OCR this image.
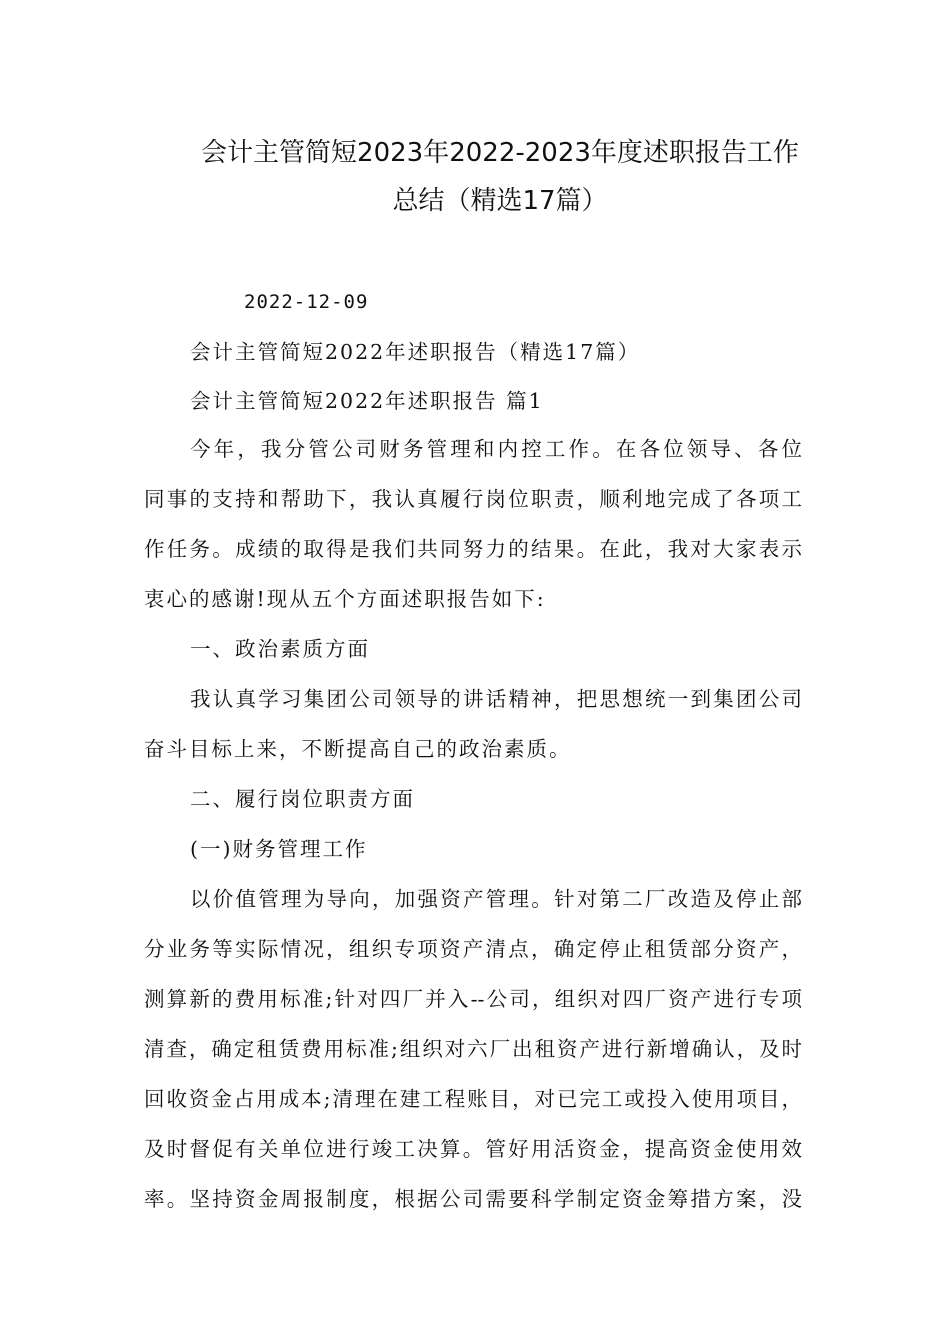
会计主管简短2023年2022-2023年度述职报告工作
总结（精选17篇）
2022-12-09
会计主管简短2022年述职报告（精选17篇）
会计主管简短2022年述职报告 篇1
今年，我分管公司财务管理和内控工作。在各位领导、各位
同事的支持和帮助下，我认真履行岗位职责，顺利地完成了各项工
作任务。成绩的取得是我们共同努力的结果。在此，我对大家表示
衷心的感谢!现从五个方面述职报告如下:
一、政治素质方面
我认真学习集团公司领导的讲话精神，把思想统一到集团公司
奋斗目标上来，不断提高自己的政治素质。
二、履行岗位职责方面
(一)财务管理工作
以价值管理为导向，加强资产管理。针对第二厂改造及停止部
分业务等实际情况，组织专项资产清点，确定停止租赁部分资产，
测算新的费用标准;针对四厂并入--公司，组织对四厂资产进行专项
清查，确定租赁费用标准;组织对六厂出租资产进行新增确认，及时
回收资金占用成本;清理在建工程账目，对已完工或投入使用项目，
及时督促有关单位进行竣工决算。管好用活资金，提高资金使用效
率。坚持资金周报制度，根据公司需要科学制定资金筹措方案，没
